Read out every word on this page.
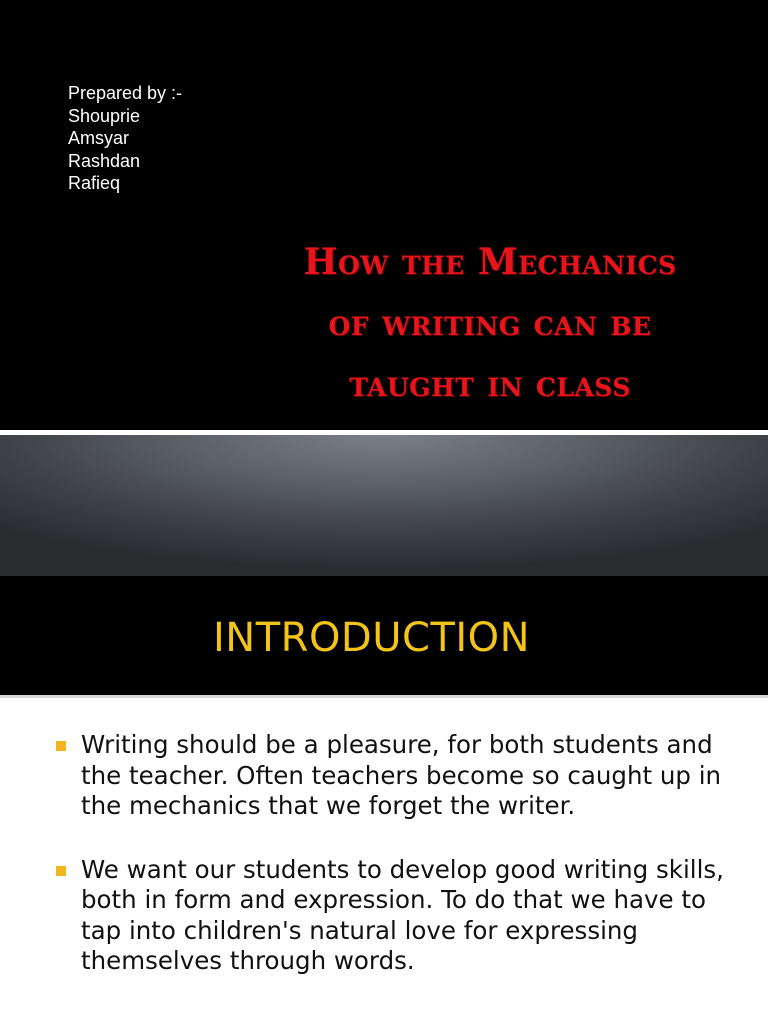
Prepared by :-
Shouprie
Amsyar
Rashdan
Rafieq
How the Mechanics
of writing can be
taught in class
INTRODUCTION
Writing should be a pleasure, for both students and the teacher. Often teachers become so caught up in the mechanics that we forget the writer.
We want our students to develop good writing skills, both in form and expression. To do that we have to tap into children's natural love for expressing themselves through words.
